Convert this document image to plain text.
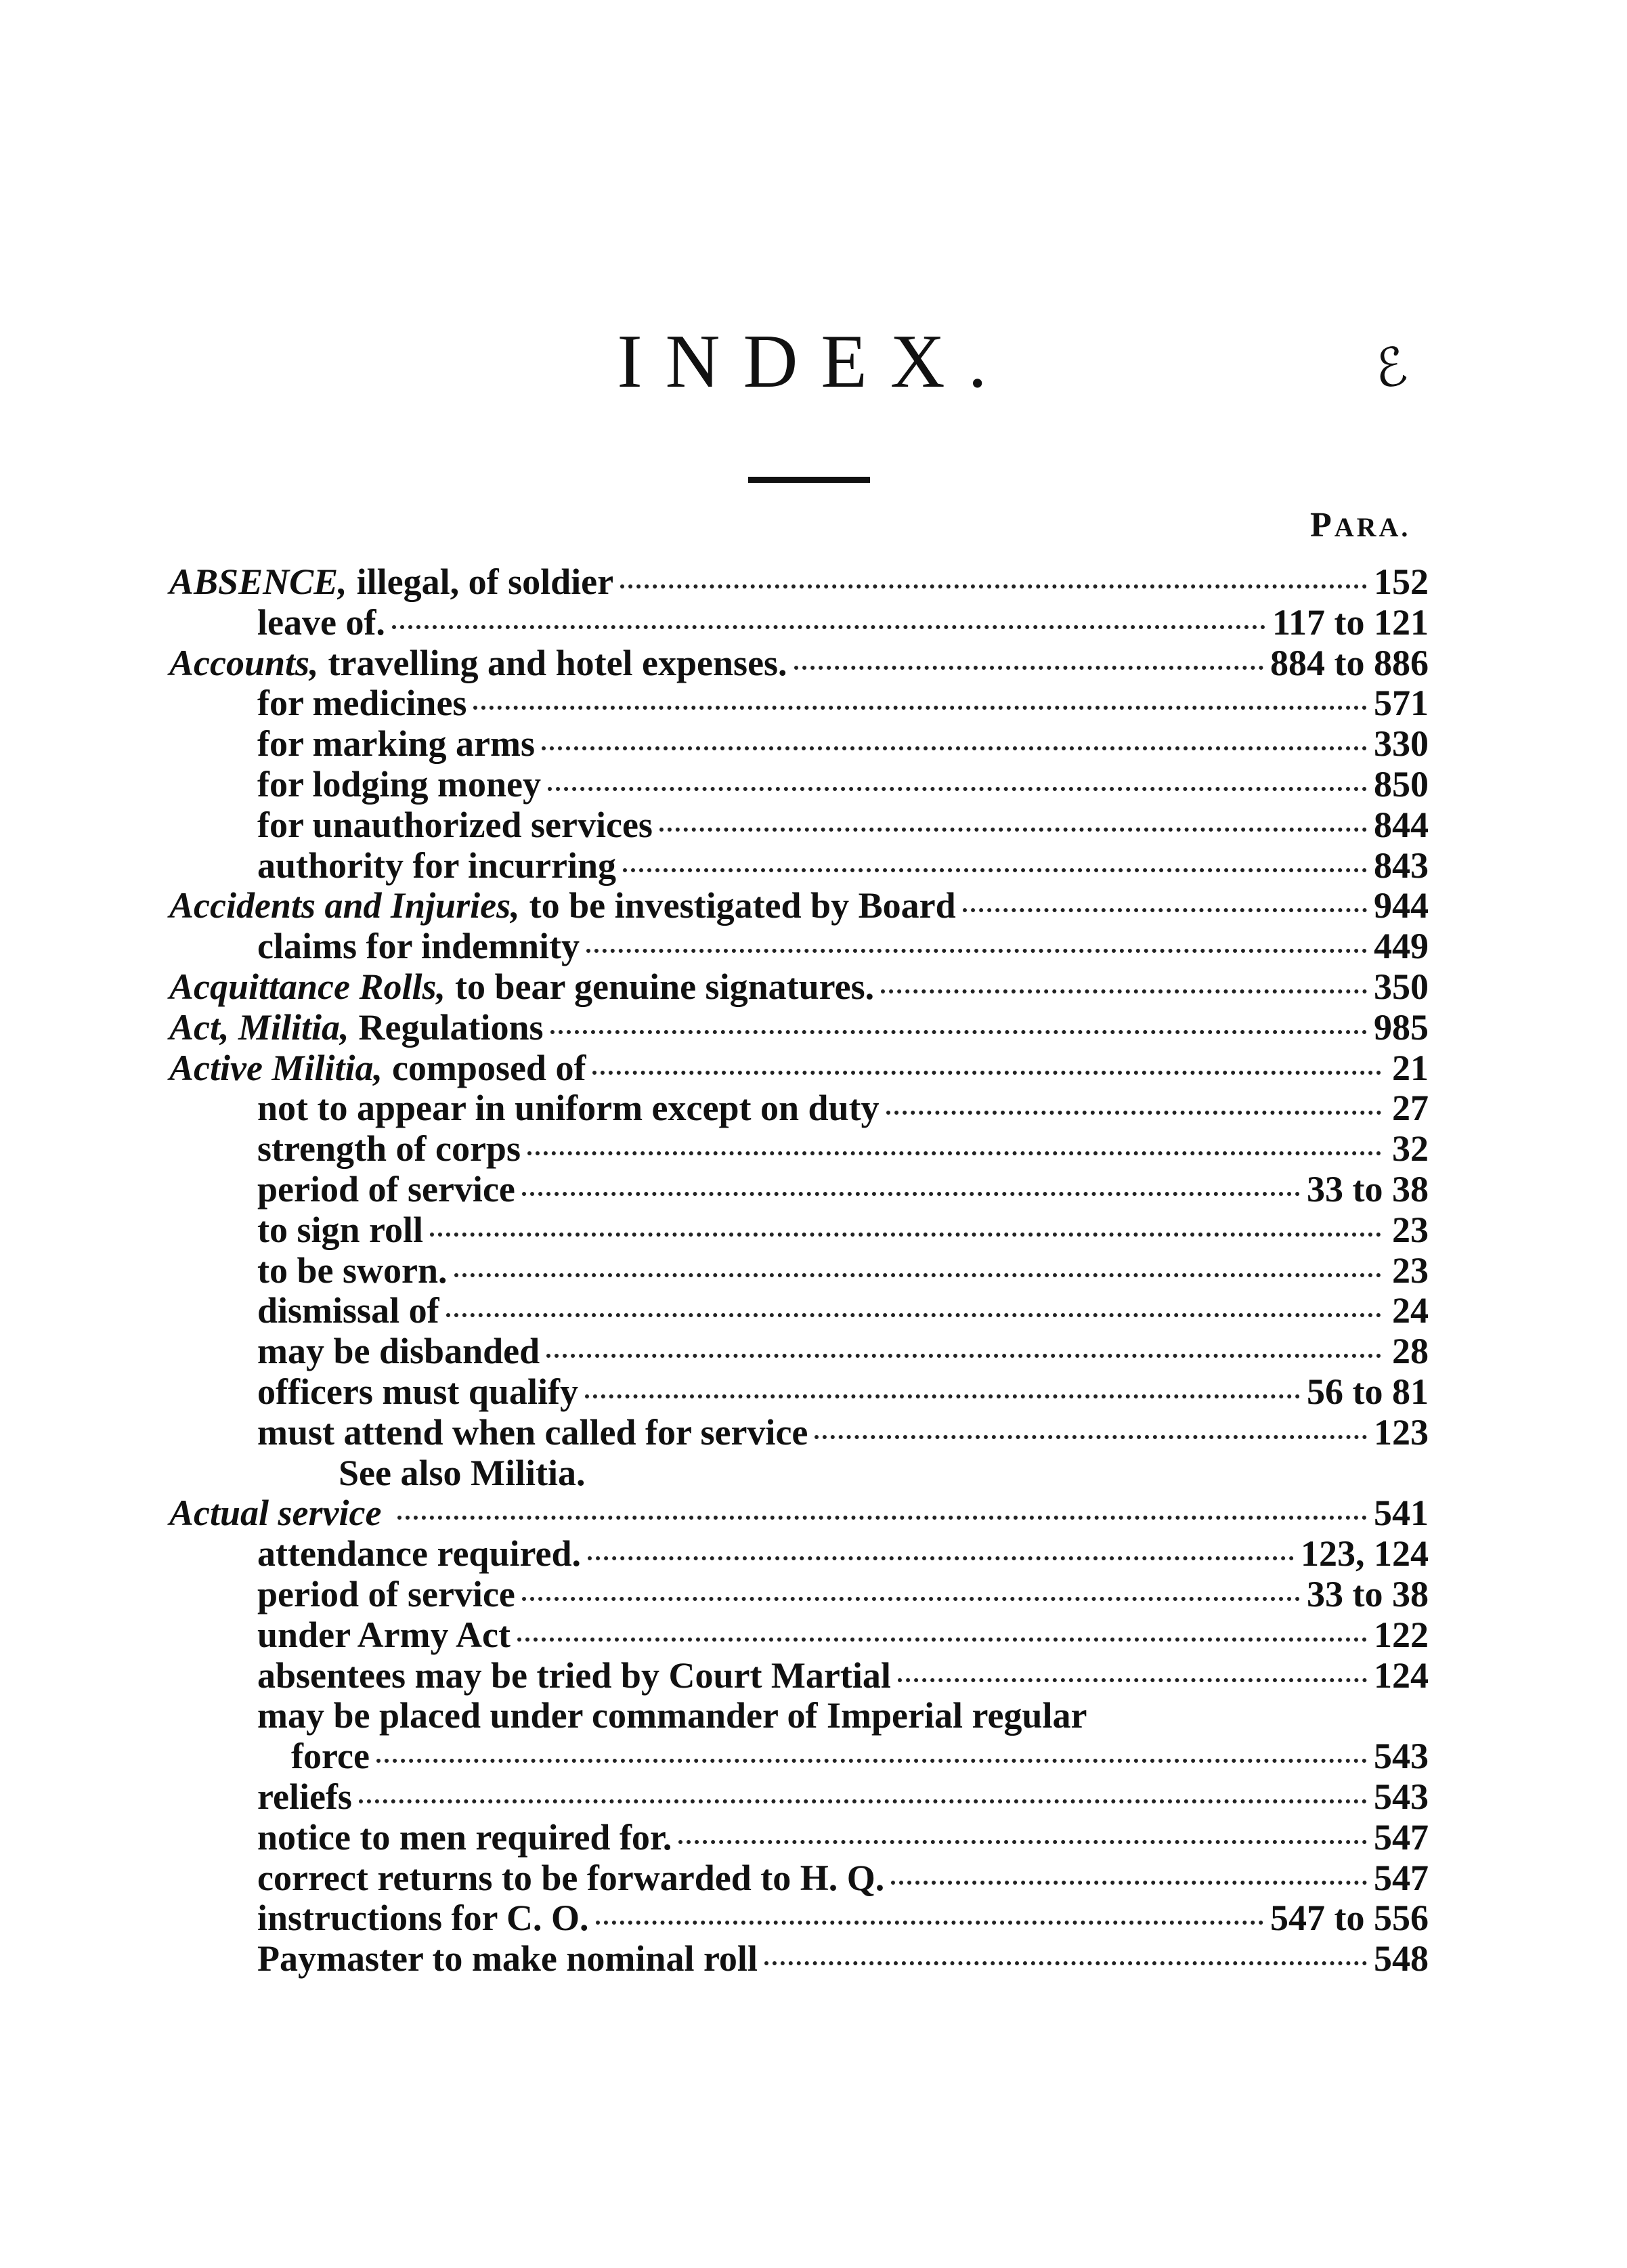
INDEX.	ℰ
PARA.
ABSENCE, illegal, of soldier	152
leave of.	117 to 121
Accounts, travelling and hotel expenses.	884 to 886
for medicines	571
for marking arms	330
for lodging money	850
for unauthorized services	844
authority for incurring	843
Accidents and Injuries, to be investigated by Board	944
claims for indemnity	449
Acquittance Rolls, to bear genuine signatures.	350
Act, Militia, Regulations	985
Active Militia, composed of	21
not to appear in uniform except on duty	27
strength of corps	32
period of service	33 to 38
to sign roll	23
to be sworn.	23
dismissal of	24
may be disbanded	28
officers must qualify	56 to 81
must attend when called for service	123
See also Militia.
Actual service	541
attendance required.	123, 124
period of service	33 to 38
under Army Act	122
absentees may be tried by Court Martial	124
may be placed under commander of Imperial regular
force	543
reliefs	543
notice to men required for.	547
correct returns to be forwarded to H. Q.	547
instructions for C. O.	547 to 556
Paymaster to make nominal roll	548
